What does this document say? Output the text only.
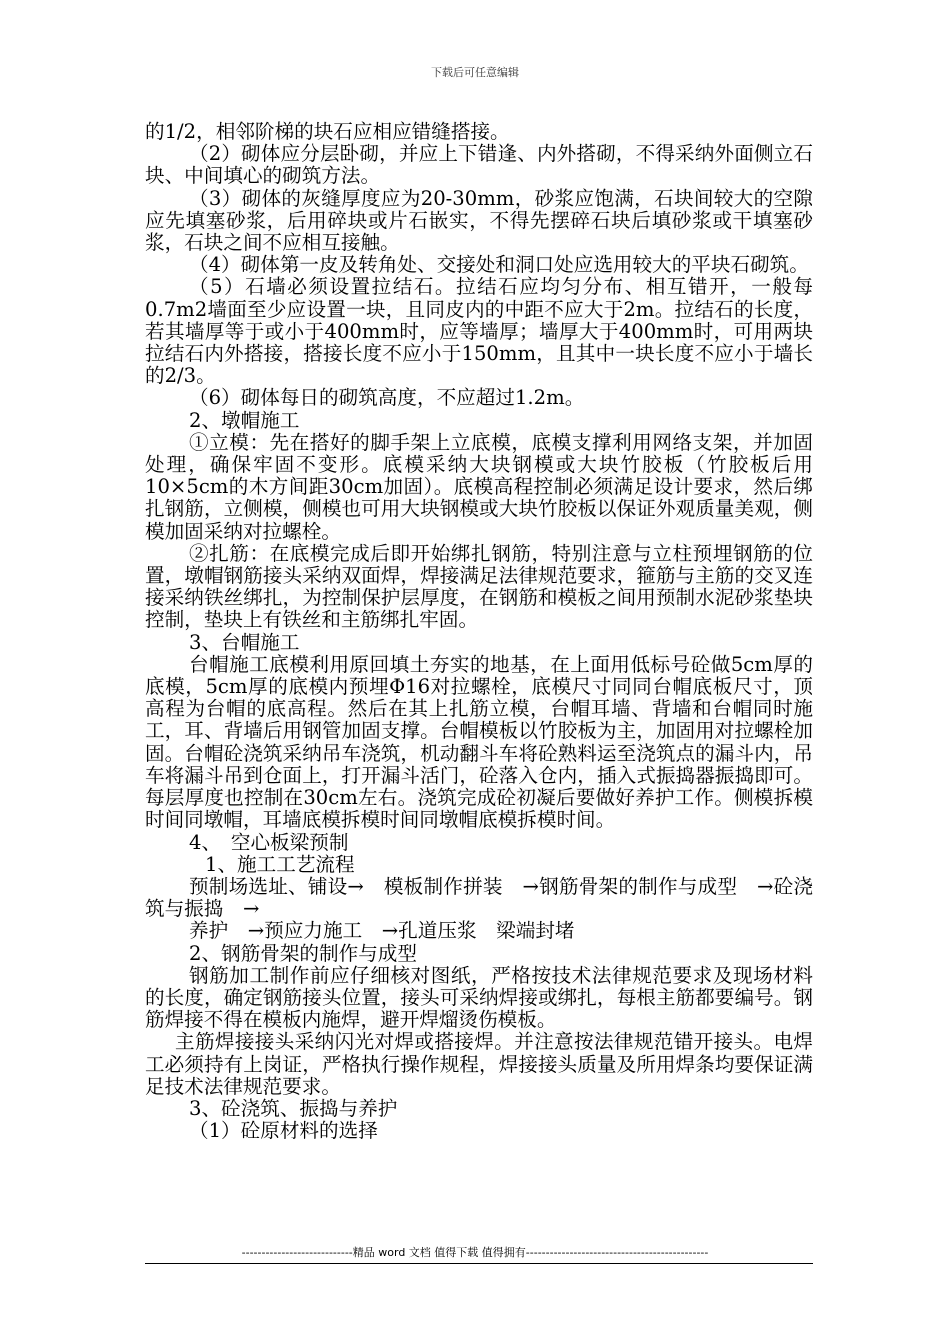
下载后可任意编辑

的1/2，相邻阶梯的块石应相应错缝搭接。

（2）砌体应分层卧砌，并应上下错逢、内外搭砌，不得采纳外面侧立石块、中间填心的砌筑方法。

（3）砌体的灰缝厚度应为20-30mm，砂浆应饱满，石块间较大的空隙应先填塞砂浆，后用碎块或片石嵌实，不得先摆碎石块后填砂浆或干填塞砂浆，石块之间不应相互接触。

（4）砌体第一皮及转角处、交接处和洞口处应选用较大的平块石砌筑。

（5）石墙必须设置拉结石。拉结石应均匀分布、相互错开，一般每0.7m2墙面至少应设置一块，且同皮内的中距不应大于2m。拉结石的长度，若其墙厚等于或小于400mm时，应等墙厚；墙厚大于400mm时，可用两块拉结石内外搭接，搭接长度不应小于150mm，且其中一块长度不应小于墙长的2/3。

（6）砌体每日的砌筑高度，不应超过1.2m。

2、墩帽施工

①立模：先在搭好的脚手架上立底模，底模支撑利用网络支架，并加固处理，确保牢固不变形。底模采纳大块钢模或大块竹胶板（竹胶板后用10×5cm的木方间距30cm加固）。底模高程控制必须满足设计要求，然后绑扎钢筋，立侧模，侧模也可用大块钢模或大块竹胶板以保证外观质量美观，侧模加固采纳对拉螺栓。

②扎筋：在底模完成后即开始绑扎钢筋，特别注意与立柱预埋钢筋的位置，墩帽钢筋接头采纳双面焊，焊接满足法律规范要求，箍筋与主筋的交叉连接采纳铁丝绑扎，为控制保护层厚度，在钢筋和模板之间用预制水泥砂浆垫块控制，垫块上有铁丝和主筋绑扎牢固。

3、台帽施工

台帽施工底模利用原回填土夯实的地基，在上面用低标号砼做5cm厚的底模，5cm厚的底模内预埋Φ16对拉螺栓，底模尺寸同同台帽底板尺寸，顶高程为台帽的底高程。然后在其上扎筋立模，台帽耳墙、背墙和台帽同时施工，耳、背墙后用钢管加固支撑。台帽模板以竹胶板为主，加固用对拉螺栓加固。台帽砼浇筑采纳吊车浇筑，机动翻斗车将砼熟料运至浇筑点的漏斗内，吊车将漏斗吊到仓面上，打开漏斗活门，砼落入仓内，插入式振捣器振捣即可。每层厚度也控制在30cm左右。浇筑完成砼初凝后要做好养护工作。侧模拆模时间同墩帽，耳墙底模拆模时间同墩帽底模拆模时间。

4、　空心板梁预制

1、施工工艺流程

预制场选址、铺设→　模板制作拼装　→钢筋骨架的制作与成型　→砼浇筑与振捣　→

养护　→预应力施工　→孔道压浆　梁端封堵

2、钢筋骨架的制作与成型

钢筋加工制作前应仔细核对图纸，严格按技术法律规范要求及现场材料的长度，确定钢筋接头位置，接头可采纳焊接或绑扎，每根主筋都要编号。钢筋焊接不得在模板内施焊，避开焊熘烫伤模板。

主筋焊接接头采纳闪光对焊或搭接焊。并注意按法律规范错开接头。电焊工必须持有上岗证，严格执行操作规程，焊接接头质量及所用焊条均要保证满足技术法律规范要求。

3、砼浇筑、振捣与养护

（1）砼原材料的选择

----------------------------精品 word 文档 值得下载 值得拥有----------------------------------------------
